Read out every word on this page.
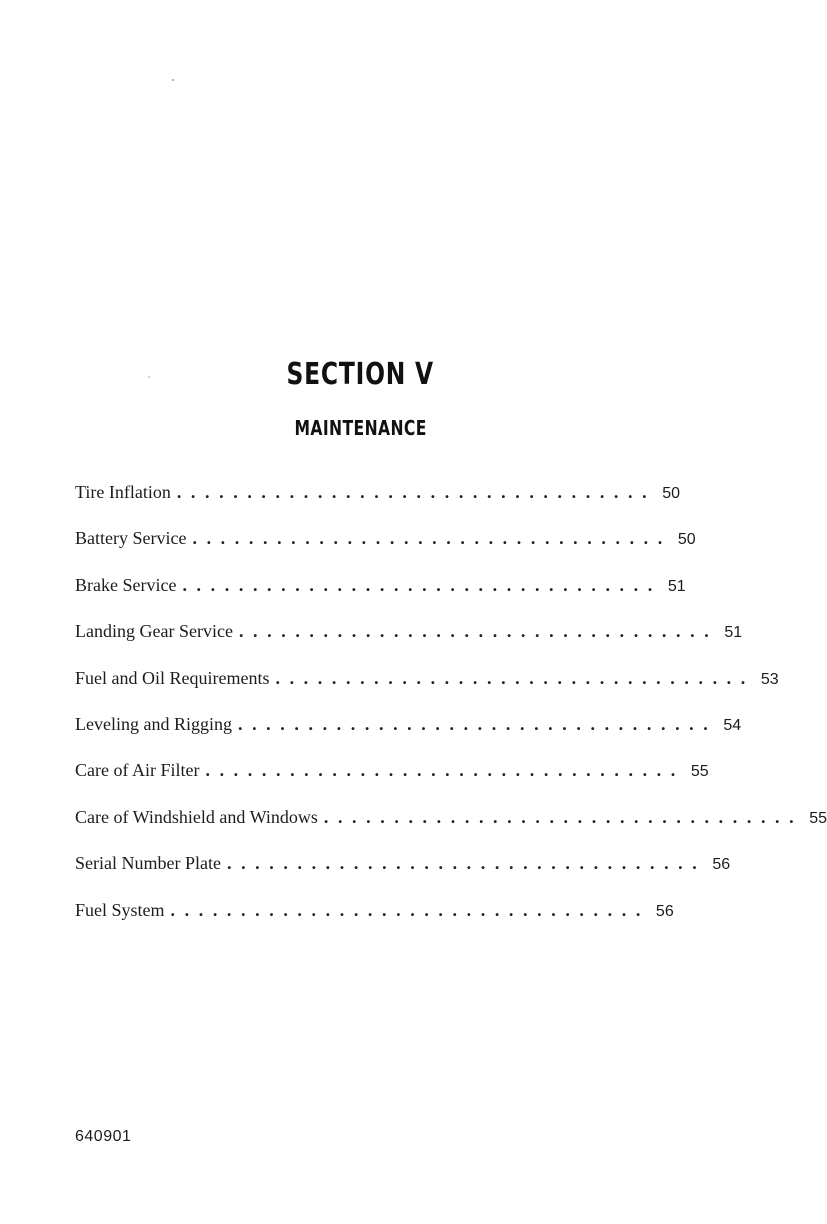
SECTION V
MAINTENANCE
Tire Inflation .................................. 50
Battery Service .................................. 50
Brake Service .................................. 51
Landing Gear Service .................................. 51
Fuel and Oil Requirements .................................. 53
Leveling and Rigging .................................. 54
Care of Air Filter .................................. 55
Care of Windshield and Windows .................................. 55
Serial Number Plate .................................. 56
Fuel System .................................. 56
640901
